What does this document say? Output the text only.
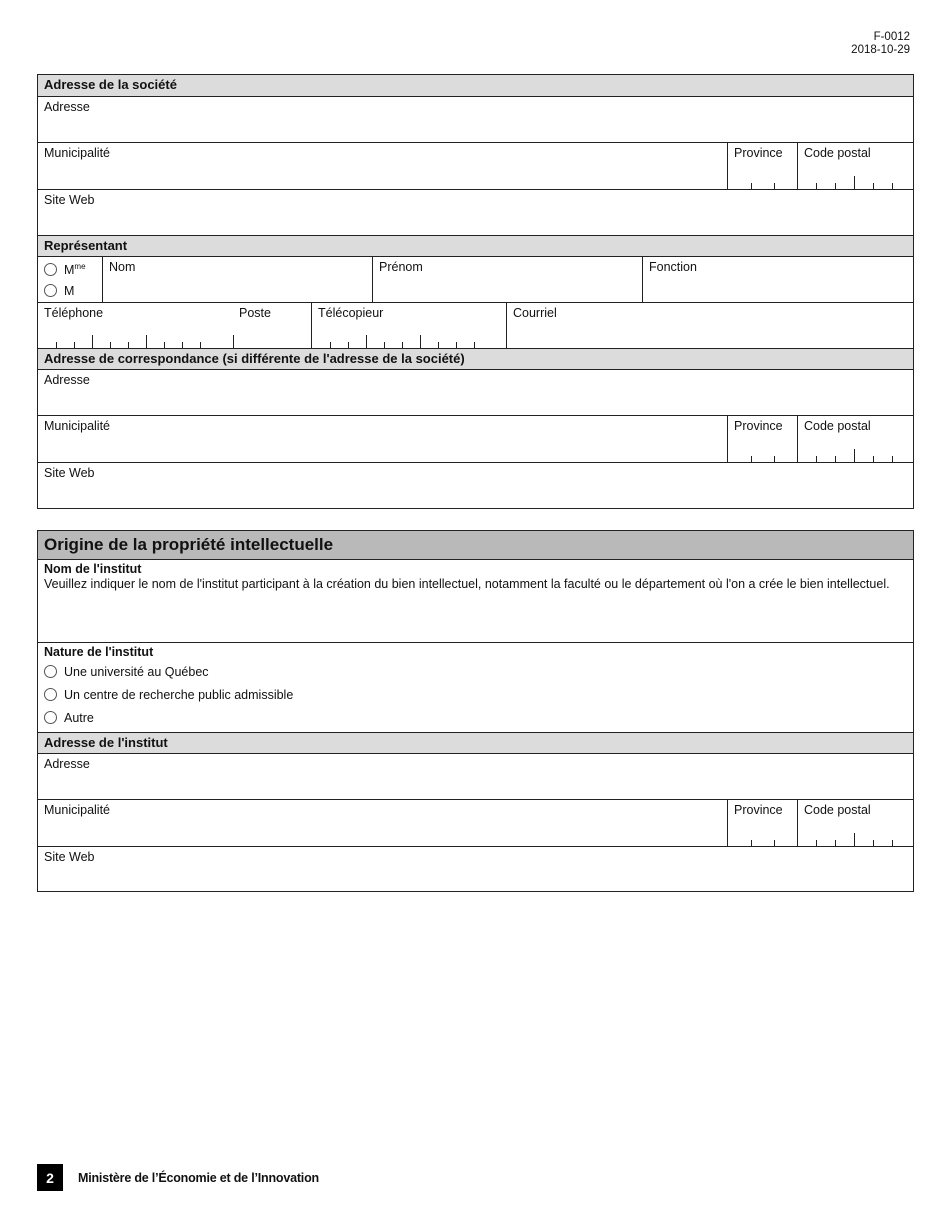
F-0012
2018-10-29
Adresse de la société
Adresse
Municipalité	Province	Code postal
Site Web
Représentant
$M^{me}$
M
Nom	Prénom	Fonction
Téléphone	Poste	Télécopieur	Courriel
Adresse de correspondance (si différente de l'adresse de la société)
Adresse
Municipalité	Province	Code postal
Site Web
Origine de la propriété intellectuelle
Nom de l'institut
Veuillez indiquer le nom de l'institut participant à la création du bien intellectuel, notamment la faculté ou le département où l'on a crée le bien intellectuel.
Nature de l'institut
Une université au Québec
Un centre de recherche public admissible
Autre
Adresse de l'institut
Adresse
Municipalité	Province	Code postal
Site Web
2	Ministère de l’Économie et de l’Innovation
